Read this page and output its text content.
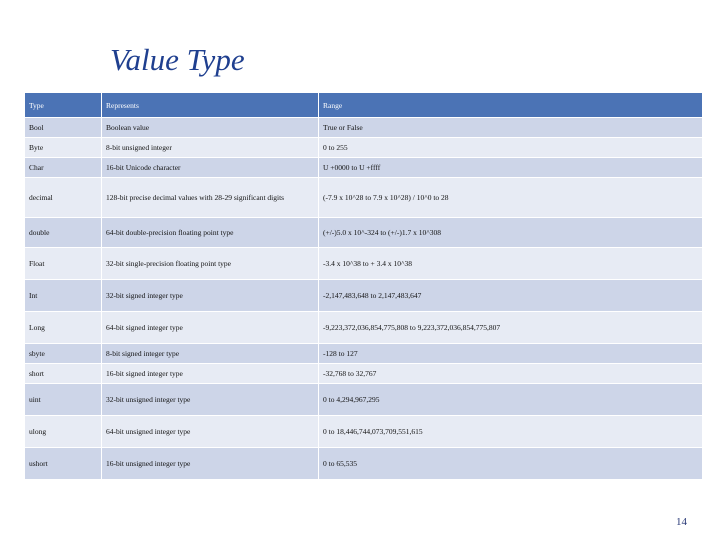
Value Type
Type	Represents	Range
Bool	Boolean value	True or False
Byte	8-bit unsigned integer	0 to 255
Char	16-bit Unicode character	U +0000 to U +ffff
decimal	128-bit precise decimal values with 28-29 significant digits	(-7.9 x 10^28 to 7.9 x 10^28) / 10^0 to 28
double	64-bit double-precision floating point type	(+/-)5.0 x 10^-324 to (+/-)1.7 x 10^308
Float	32-bit single-precision floating point type	-3.4 x 10^38 to + 3.4 x 10^38
Int	32-bit signed integer type	-2,147,483,648 to 2,147,483,647
Long	64-bit signed integer type	-9,223,372,036,854,775,808 to 9,223,372,036,854,775,807
sbyte	8-bit signed integer type	-128 to 127
short	16-bit signed integer type	-32,768 to 32,767
uint	32-bit unsigned integer type	0 to 4,294,967,295
ulong	64-bit unsigned integer type	0 to 18,446,744,073,709,551,615
ushort	16-bit unsigned integer type	0 to 65,535
14
